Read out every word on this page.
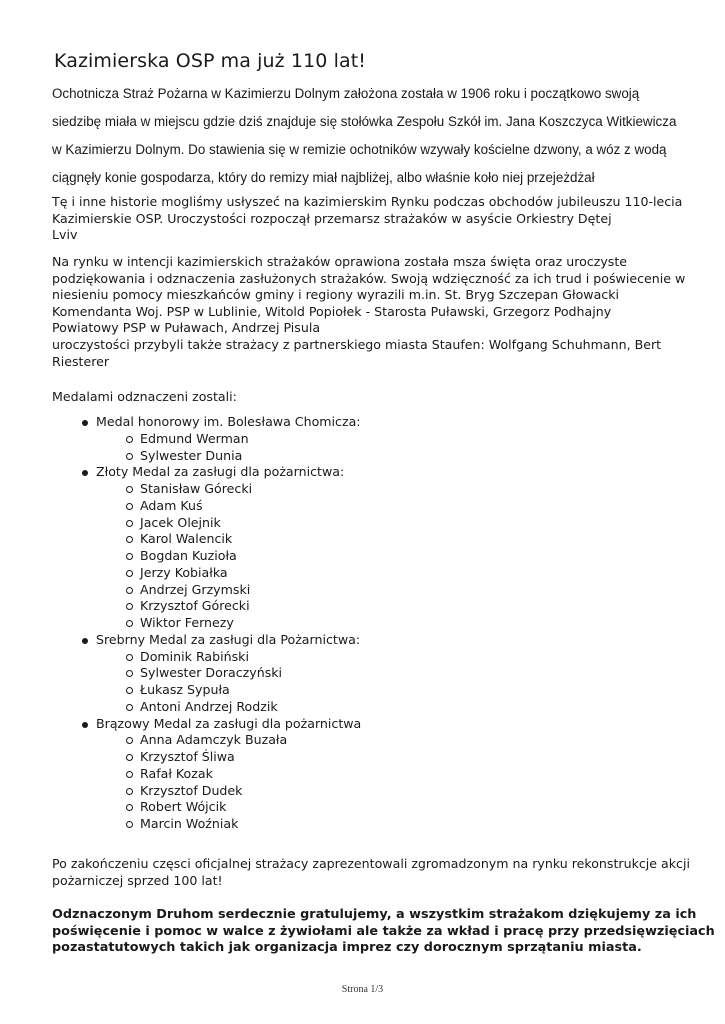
Kazimierska OSP ma już 110 lat!
Ochotnicza Straż Pożarna w Kazimierzu Dolnym założona została w 1906 roku i początkowo swoją
siedzibę miała w miejscu gdzie dziś znajduje się stołówka Zespołu Szkół im. Jana Koszczyca Witkiewicza
w Kazimierzu Dolnym. Do stawienia się w remizie ochotników wzywały kościelne dzwony, a wóz z wodą
ciągnęły konie gospodarza, który do remizy miał najbliżej, albo właśnie koło niej przejeżdżał
Tę i inne historie mogliśmy usłyszeć na kazimierskim Rynku podczas obchodów jubileuszu 110-lecia
Kazimierskie OSP. Uroczystości rozpoczął przemarsz strażaków w asyście Orkiestry Dętej
Lviv
Na rynku w intencji kazimierskich strażaków oprawiona została msza święta oraz uroczyste
podziękowania i odznaczenia zasłużonych strażaków. Swoją wdzięczność za ich trud i poświecenie w
niesieniu pomocy mieszkańców gminy i regiony wyrazili m.in. St. Bryg Szczepan Głowacki
Komendanta Woj. PSP w Lublinie, Witold Popiołek - Starosta Puławski, Grzegorz Podhajny
Powiatowy PSP w Puławach, Andrzej Pisula
uroczystości przybyli także strażacy z partnerskiego miasta Staufen: Wolfgang Schuhmann, Bert
Riesterer
Medalami odznaczeni zostali:
Medal honorowy im. Bolesława Chomicza:
Edmund Werman
Sylwester Dunia
Złoty Medal za zasługi dla pożarnictwa:
Stanisław Górecki
Adam Kuś
Jacek Olejnik
Karol Walencik
Bogdan Kuzioła
Jerzy Kobiałka
Andrzej Grzymski
Krzysztof Górecki
Wiktor Fernezy
Srebrny Medal za zasługi dla Pożarnictwa:
Dominik Rabiński
Sylwester Doraczyński
Łukasz Sypuła
Antoni Andrzej Rodzik
Brązowy Medal za zasługi dla pożarnictwa
Anna Adamczyk Buzała
Krzysztof Śliwa
Rafał Kozak
Krzysztof Dudek
Robert Wójcik
Marcin Woźniak
Po zakończeniu częsci oficjalnej strażacy zaprezentowali zgromadzonym na rynku rekonstrukcje akcji
pożarniczej sprzed 100 lat!
Odznaczonym Druhom serdecznie gratulujemy, a wszystkim strażakom dziękujemy za ich
poświęcenie i pomoc w walce z żywiołami ale także za wkład i pracę przy przedsięwzięciach
pozastatutowych takich jak organizacja imprez czy dorocznym sprzątaniu miasta.
Strona 1/3
